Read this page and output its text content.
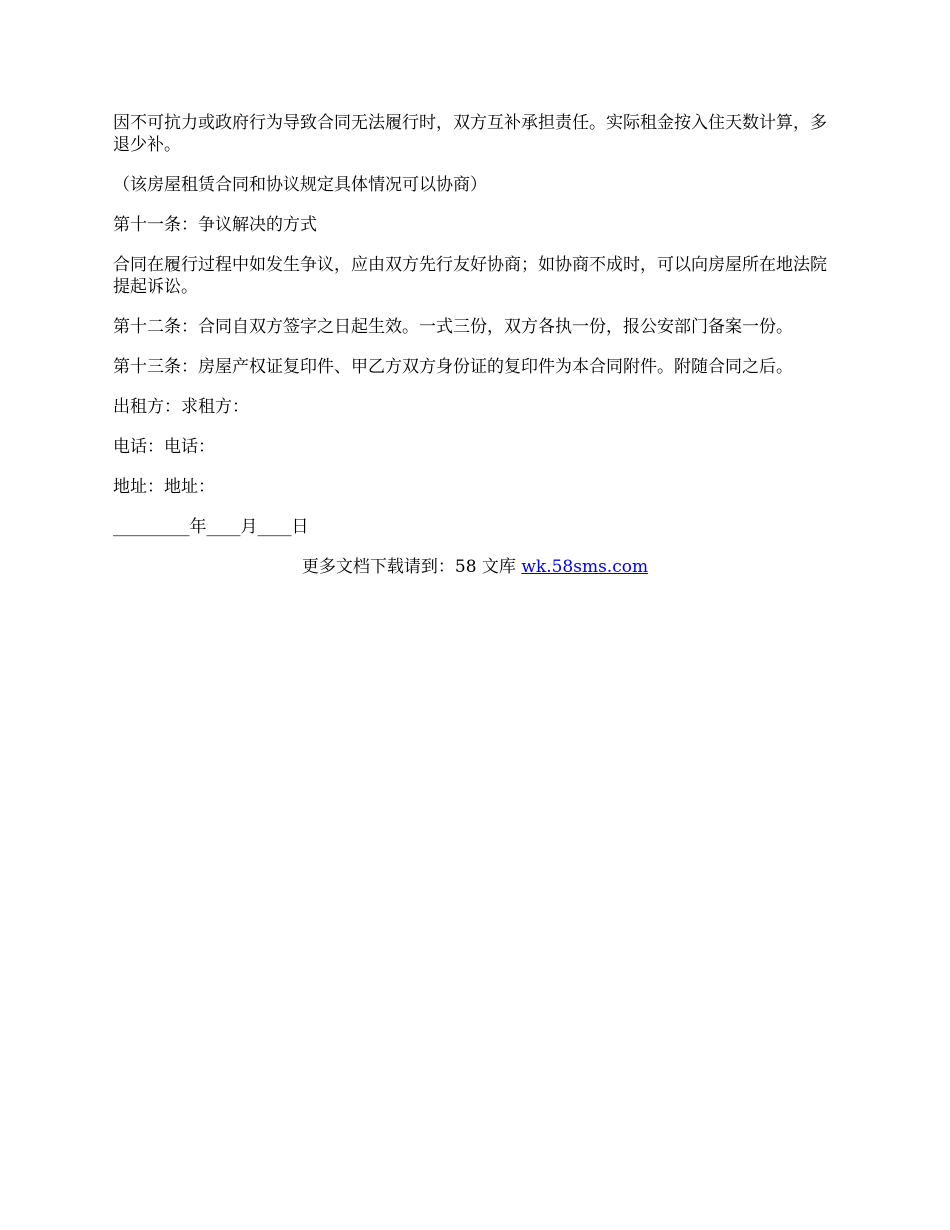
因不可抗力或政府行为导致合同无法履行时，双方互补承担责任。实际租金按入住天数计算，多退少补。

（该房屋租赁合同和协议规定具体情况可以协商）

第十一条：争议解决的方式

合同在履行过程中如发生争议，应由双方先行友好协商；如协商不成时，可以向房屋所在地法院提起诉讼。

第十二条：合同自双方签字之日起生效。一式三份，双方各执一份，报公安部门备案一份。

第十三条：房屋产权证复印件、甲乙方双方身份证的复印件为本合同附件。附随合同之后。

出租方：求租方：

电话：电话：

地址：地址：

_________年____月____日

更多文档下载请到：58 文库 wk.58sms.com
